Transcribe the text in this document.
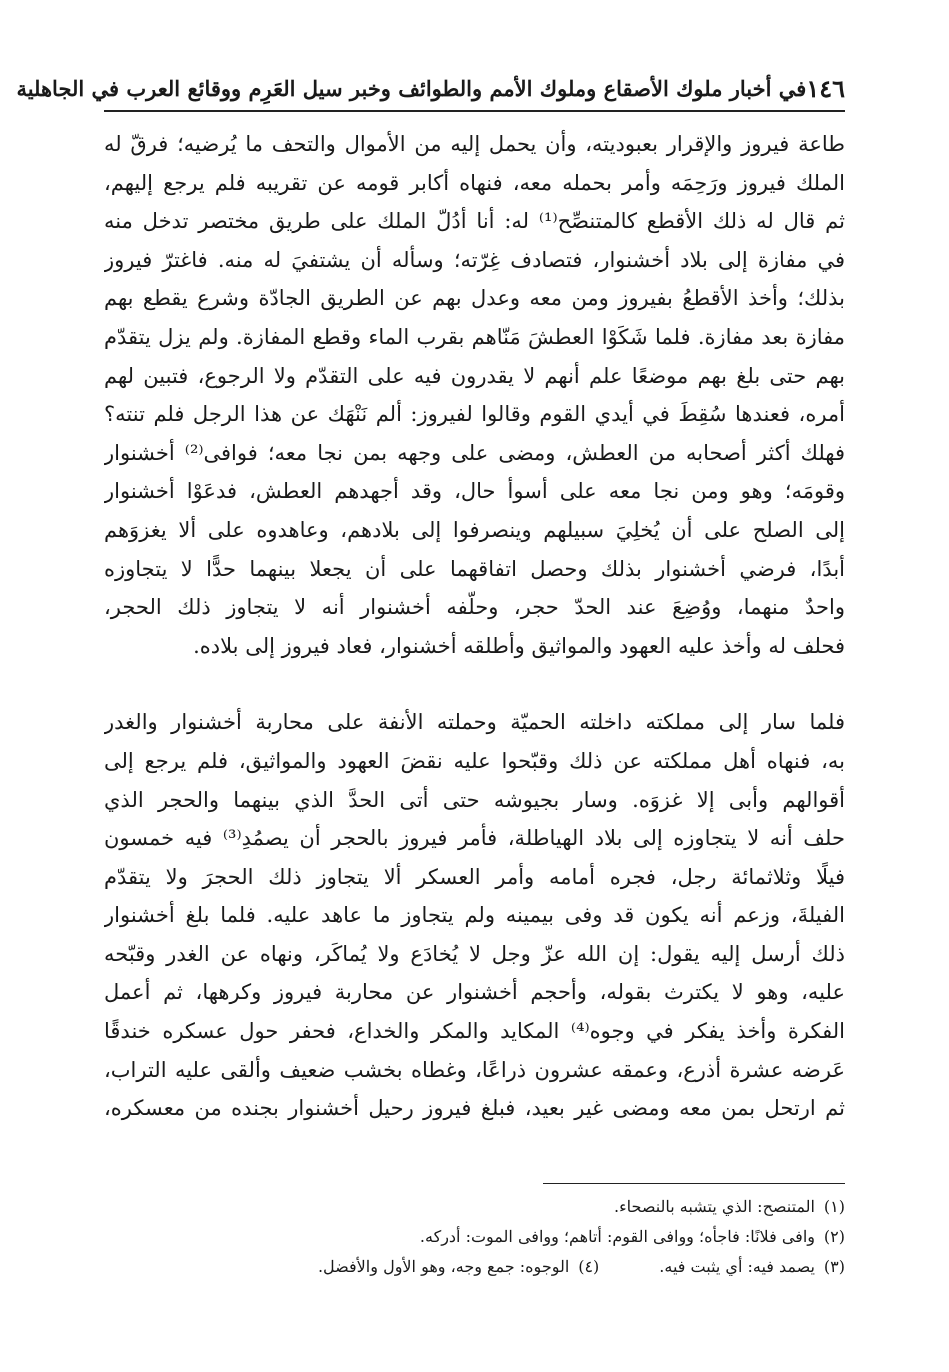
١٤٦
في أخبار ملوك الأصقاع وملوك الأمم والطوائف وخبر سيل العَرِم ووقائع العرب في الجاهلية
طاعة فيروز والإقرار بعبوديته، وأن يحمل إليه من الأموال والتحف ما يُرضيه؛ فرقّ له
الملك فيروز ورَحِمَه وأمر بحمله معه، فنهاه أكابر قومه عن تقريبه فلم يرجع إليهم،
ثم قال له ذلك الأقطع كالمتنصِّح⁽¹⁾ له: أنا أدُلّ الملك على طريق مختصر تدخل منه
في مفازة إلى بلاد أخشنوار، فتصادف غِرّته؛ وسأله أن يشتفيَ له منه. فاغترّ فيروز
بذلك؛ وأخذ الأقطعُ بفيروز ومن معه وعدل بهم عن الطريق الجادّة وشرع يقطع بهم
مفازة بعد مفازة. فلما شَكَوْا العطشَ مَنّاهم بقرب الماء وقطع المفازة. ولم يزل يتقدّم
بهم حتى بلغ بهم موضعًا علم أنهم لا يقدرون فيه على التقدّم ولا الرجوع، فتبين لهم
أمره، فعندها سُقِطَ في أيدي القوم وقالوا لفيروز: ألم نَنْهَك عن هذا الرجل فلم تنته؟
فهلك أكثر أصحابه من العطش، ومضى على وجهه بمن نجا معه؛ فوافى⁽²⁾ أخشنوار
وقومَه؛ وهو ومن نجا معه على أسوأ حال، وقد أجهدهم العطش، فدعَوْا أخشنوار
إلى الصلح على أن يُخلِيَ سبيلهم وينصرفوا إلى بلادهم، وعاهدوه على ألا يغزوَهم
أبدًا، فرضي أخشنوار بذلك وحصل اتفاقهما على أن يجعلا بينهما حدًّا لا يتجاوزه
واحدٌ منهما، ووُضِعَ عند الحدّ حجر، وحلّفه أخشنوار أنه لا يتجاوز ذلك الحجر،
فحلف له وأخذ عليه العهود والمواثيق وأطلقه أخشنوار، فعاد فيروز إلى بلاده.
فلما سار إلى مملكته داخلته الحميّة وحملته الأنفة على محاربة أخشنوار والغدر
به، فنهاه أهل مملكته عن ذلك وقبّحوا عليه نقضَ العهود والمواثيق، فلم يرجع إلى
أقوالهم وأبى إلا غزوَه. وسار بجيوشه حتى أتى الحدَّ الذي بينهما والحجر الذي
حلف أنه لا يتجاوزه إلى بلاد الهياطلة، فأمر فيروز بالحجر أن يصمُدِ⁽³⁾ فيه خمسون
فيلًا وثلاثمائة رجل، فجره أمامه وأمر العسكر ألا يتجاوز ذلك الحجرَ ولا يتقدّم
الفيلةَ، وزعم أنه يكون قد وفى بيمينه ولم يتجاوز ما عاهد عليه. فلما بلغ أخشنوار
ذلك أرسل إليه يقول: إن الله عزّ وجل لا يُخادَع ولا يُماكَر، ونهاه عن الغدر وقبّحه
عليه، وهو لا يكترث بقوله، وأحجم أخشنوار عن محاربة فيروز وكرهها، ثم أعمل
الفكرة وأخذ يفكر في وجوه⁽⁴⁾ المكايد والمكر والخداع، فحفر حول عسكره خندقًا
عَرضه عشرة أذرع، وعمقه عشرون ذراعًا، وغطاه بخشب ضعيف وألقى عليه التراب،
ثم ارتحل بمن معه ومضى غير بعيد، فبلغ فيروز رحيل أخشنوار بجنده من معسكره،
(١)
المتنصح: الذي يتشبه بالنصحاء.
(٢)
وافى فلانًا: فاجأه؛ ووافى القوم: أتاهم؛ ووافى الموت: أدركه.
(٣)
يصمد فيه: أي يثبت فيه.
(٤)
الوجوه: جمع وجه، وهو الأول والأفضل.
